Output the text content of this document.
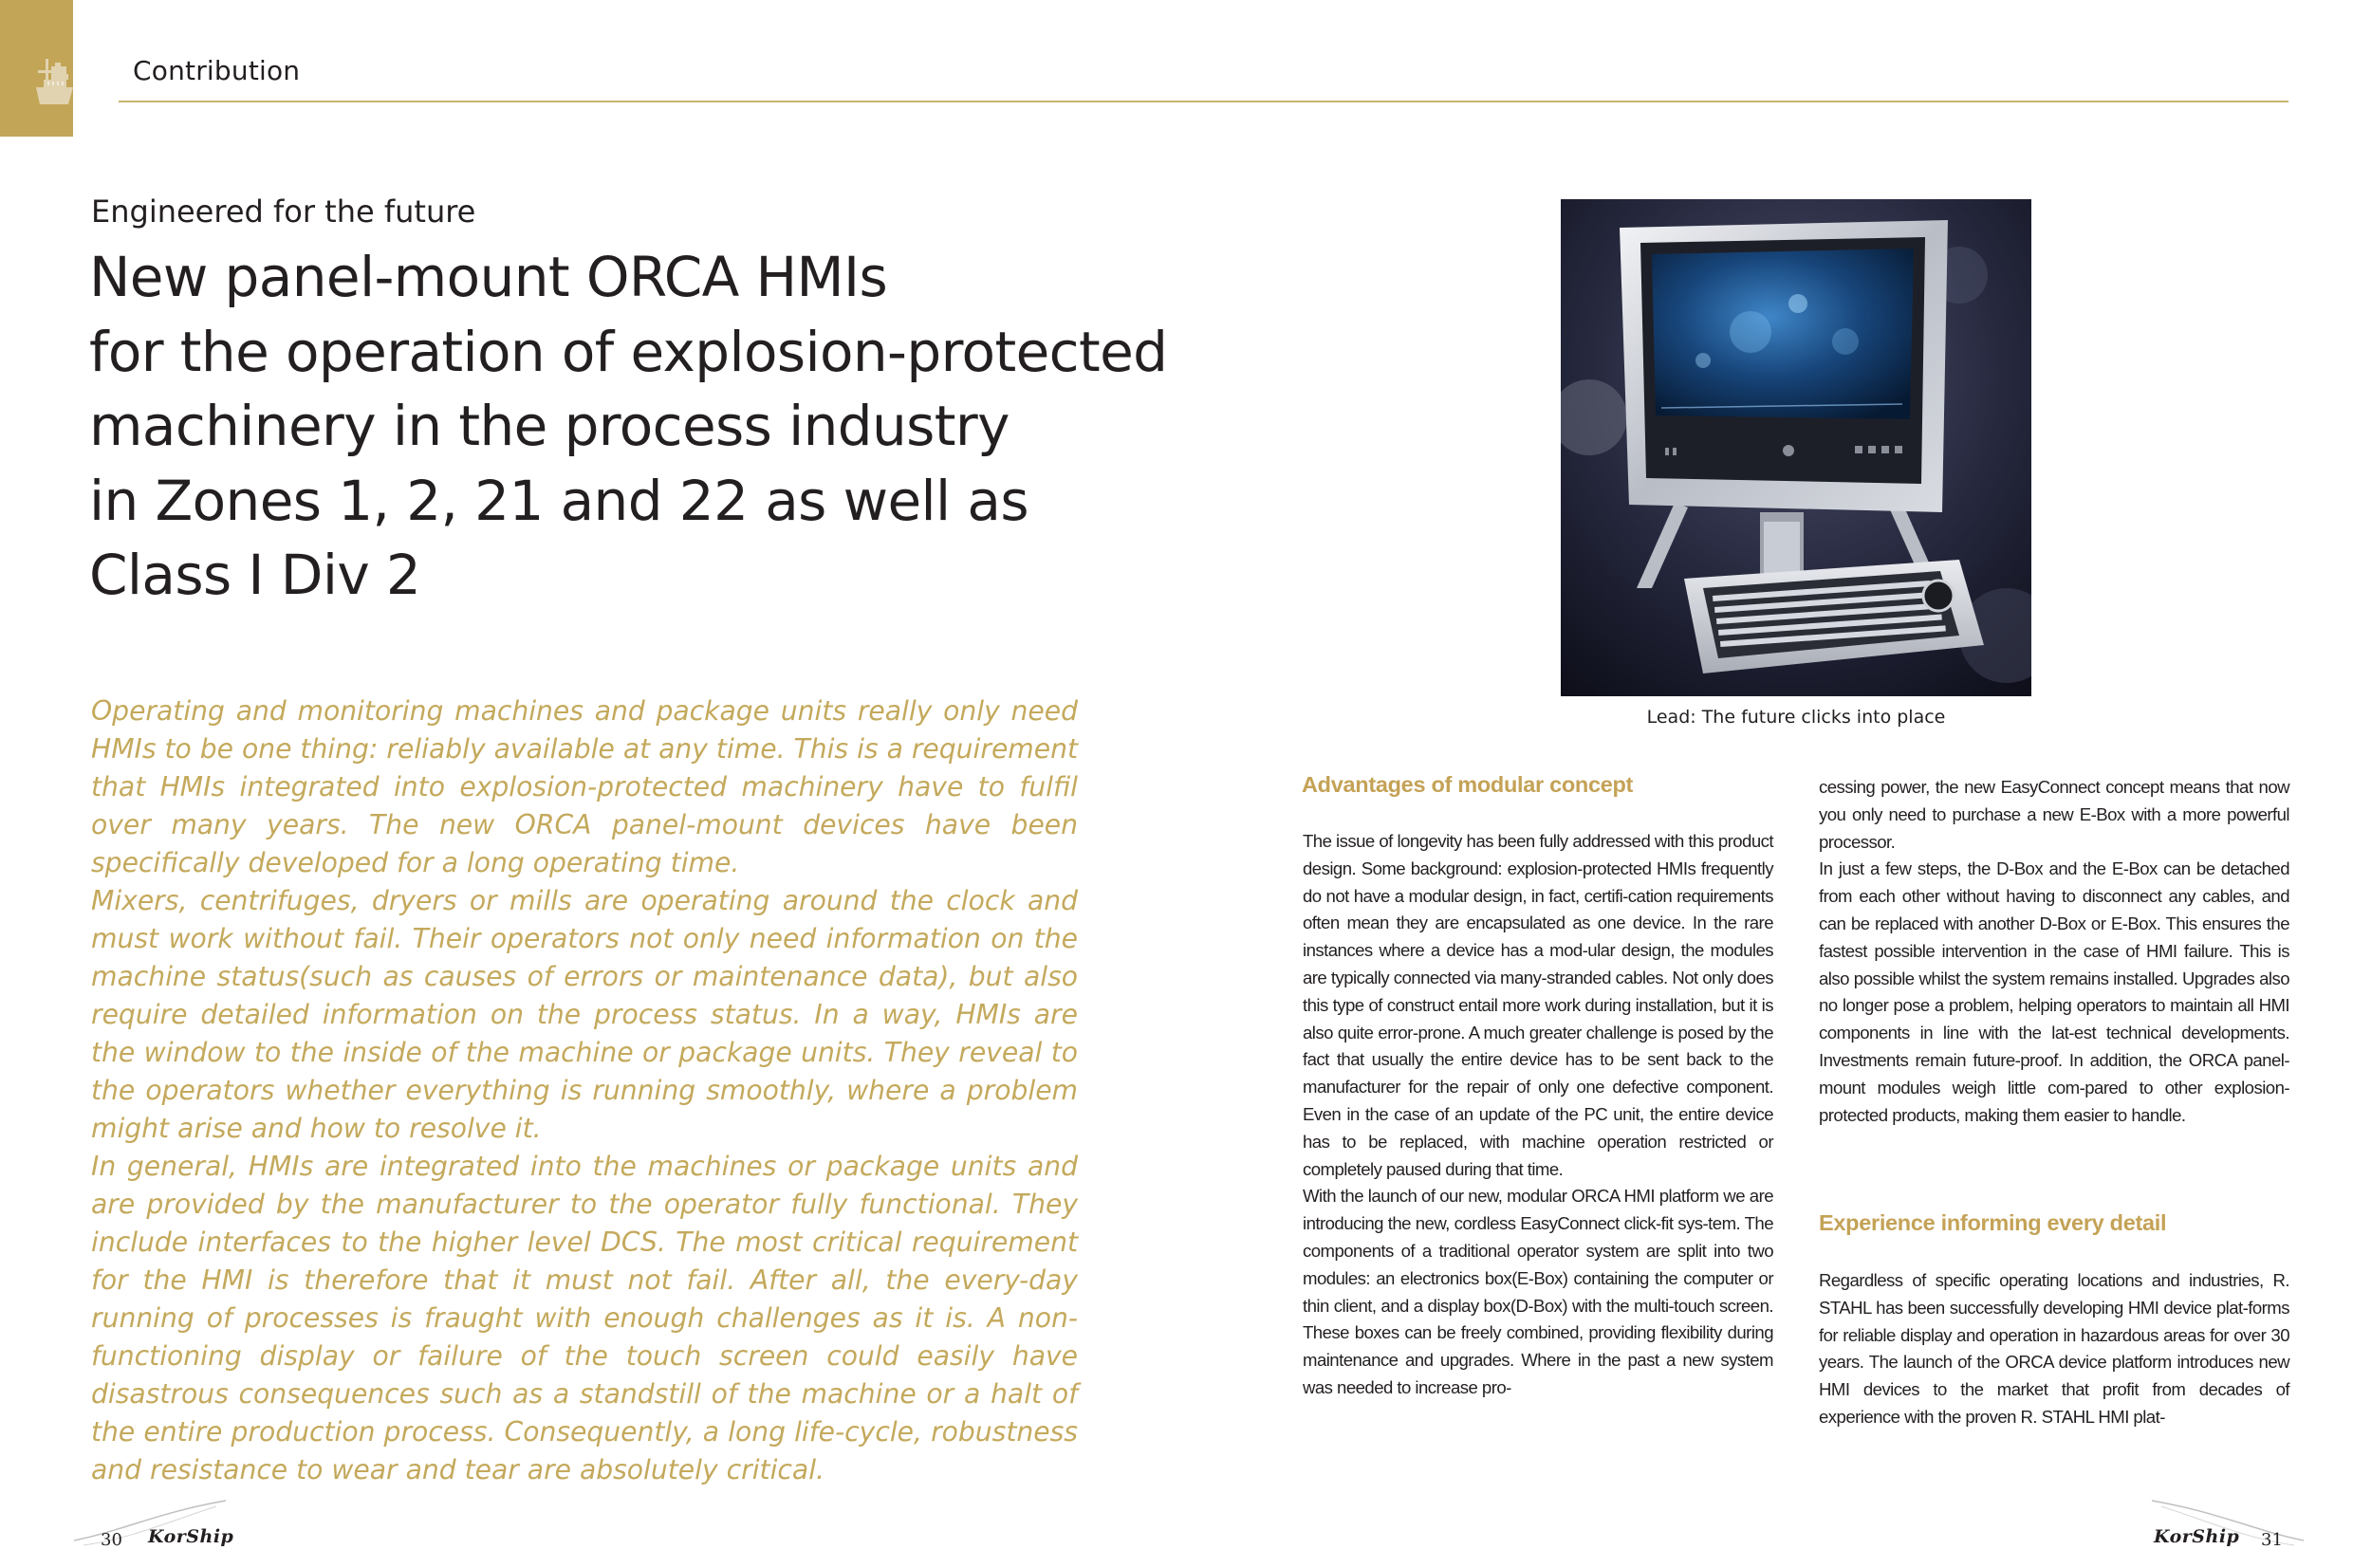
Contribution
Engineered for the future
New panel-mount ORCA HMIs
for the operation of explosion-protected
machinery in the process industry
in Zones 1, 2, 21 and 22 as well as
Class I Div 2

Operating and monitoring machines and package units really only need HMIs to be one thing: reliably available at any time. This is a requirement that HMIs integrated into explosion-protected machinery have to fulfil over many years. The new ORCA panel-mount devices have been specifically developed for a long operating time.

Mixers, centrifuges, dryers or mills are operating around the clock and must work without fail. Their operators not only need information on the machine status(such as causes of errors or maintenance data), but also require detailed information on the process status. In a way, HMIs are the window to the inside of the machine or package units. They reveal to the operators whether everything is running smoothly, where a problem might arise and how to resolve it.

In general, HMIs are integrated into the machines or package units and are provided by the manufacturer to the operator fully functional. They include interfaces to the higher level DCS. The most critical requirement for the HMI is therefore that it must not fail. After all, the every-day running of processes is fraught with enough challenges as it is. A non-functioning display or failure of the touch screen could easily have disastrous consequences such as a standstill of the machine or a halt of the entire production process. Consequently, a long life-cycle, robustness and resistance to wear and tear are absolutely critical.

Lead: The future clicks into place
Advantages of modular concept

The issue of longevity has been fully addressed with this product design. Some background: explosion-protected HMIs frequently do not have a modular design, in fact, certifi-cation requirements often mean they are encapsulated as one device. In the rare instances where a device has a mod-ular design, the modules are typically connected via many-stranded cables. Not only does this type of construct entail more work during installation, but it is also quite error-prone. A much greater challenge is posed by the fact that usually the entire device has to be sent back to the manufacturer for the repair of only one defective component. Even in the case of an update of the PC unit, the entire device has to be replaced, with machine operation restricted or completely paused during that time.

With the launch of our new, modular ORCA HMI platform we are introducing the new, cordless EasyConnect click-fit sys-tem. The components of a traditional operator system are split into two modules: an electronics box(E-Box) containing the computer or thin client, and a display box(D-Box) with the multi-touch screen. These boxes can be freely combined, providing flexibility during maintenance and upgrades. Where in the past a new system was needed to increase pro-

cessing power, the new EasyConnect concept means that now you only need to purchase a new E-Box with a more powerful processor.

In just a few steps, the D-Box and the E-Box can be detached from each other without having to disconnect any cables, and can be replaced with another D-Box or E-Box. This ensures the fastest possible intervention in the case of HMI failure. This is also possible whilst the system remains installed. Upgrades also no longer pose a problem, helping operators to maintain all HMI components in line with the lat-est technical developments. Investments remain future-proof. In addition, the ORCA panel-mount modules weigh little com-pared to other explosion-protected products, making them easier to handle.

Experience informing every detail

Regardless of specific operating locations and industries, R. STAHL has been successfully developing HMI device plat-forms for reliable display and operation in hazardous areas for over 30 years. The launch of the ORCA device platform introduces new HMI devices to the market that profit from decades of experience with the proven R. STAHL HMI plat-

30 KorShip	KorShip 31
